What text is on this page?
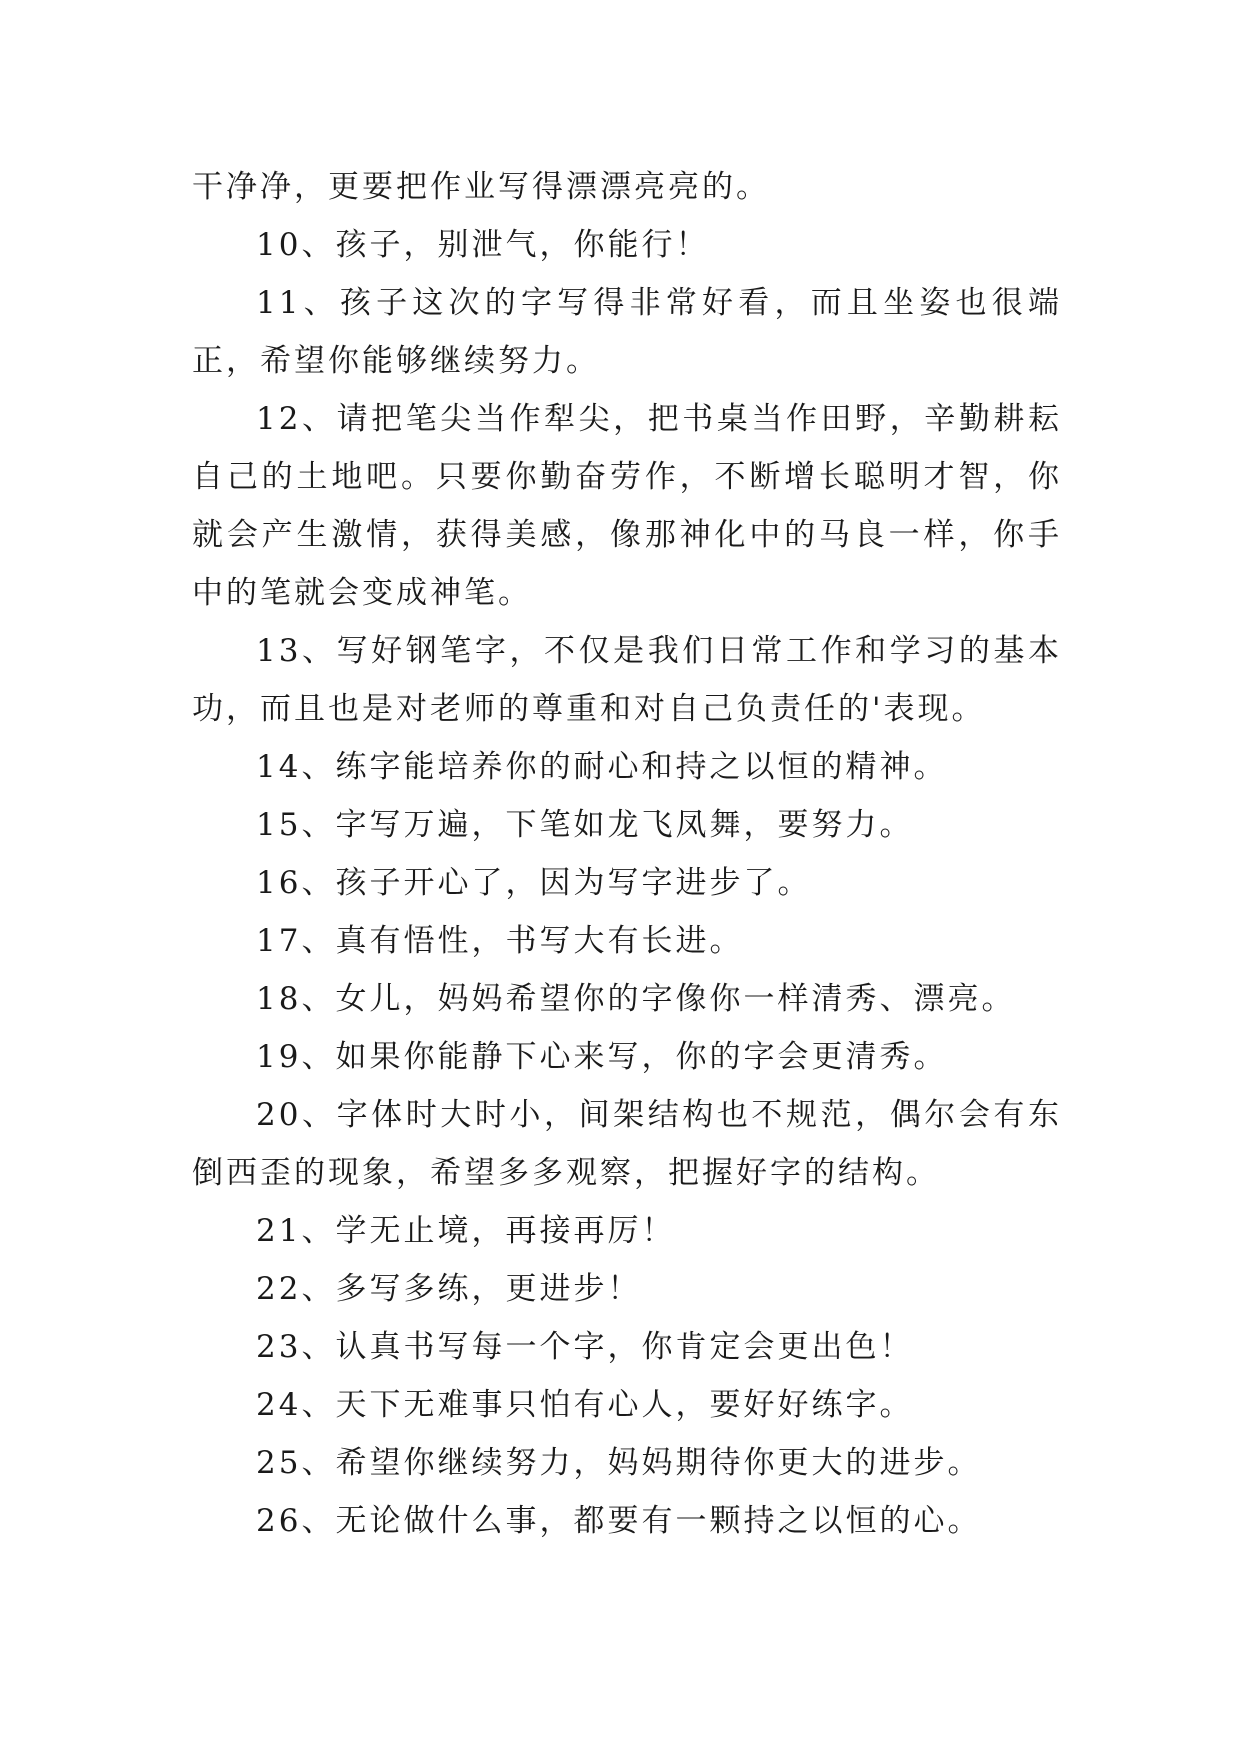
干净净，更要把作业写得漂漂亮亮的。

10、孩子，别泄气，你能行！

11、孩子这次的字写得非常好看，而且坐姿也很端正，希望你能够继续努力。

12、请把笔尖当作犁尖，把书桌当作田野，辛勤耕耘自己的土地吧。只要你勤奋劳作，不断增长聪明才智，你就会产生激情，获得美感，像那神化中的马良一样，你手中的笔就会变成神笔。

13、写好钢笔字，不仅是我们日常工作和学习的基本功，而且也是对老师的尊重和对自己负责任的'表现。

14、练字能培养你的耐心和持之以恒的精神。

15、字写万遍，下笔如龙飞凤舞，要努力。

16、孩子开心了，因为写字进步了。

17、真有悟性，书写大有长进。

18、女儿，妈妈希望你的字像你一样清秀、漂亮。

19、如果你能静下心来写，你的字会更清秀。

20、字体时大时小，间架结构也不规范，偶尔会有东倒西歪的现象，希望多多观察，把握好字的结构。

21、学无止境，再接再厉！

22、多写多练，更进步！

23、认真书写每一个字，你肯定会更出色！

24、天下无难事只怕有心人，要好好练字。

25、希望你继续努力，妈妈期待你更大的进步。

26、无论做什么事，都要有一颗持之以恒的心。
